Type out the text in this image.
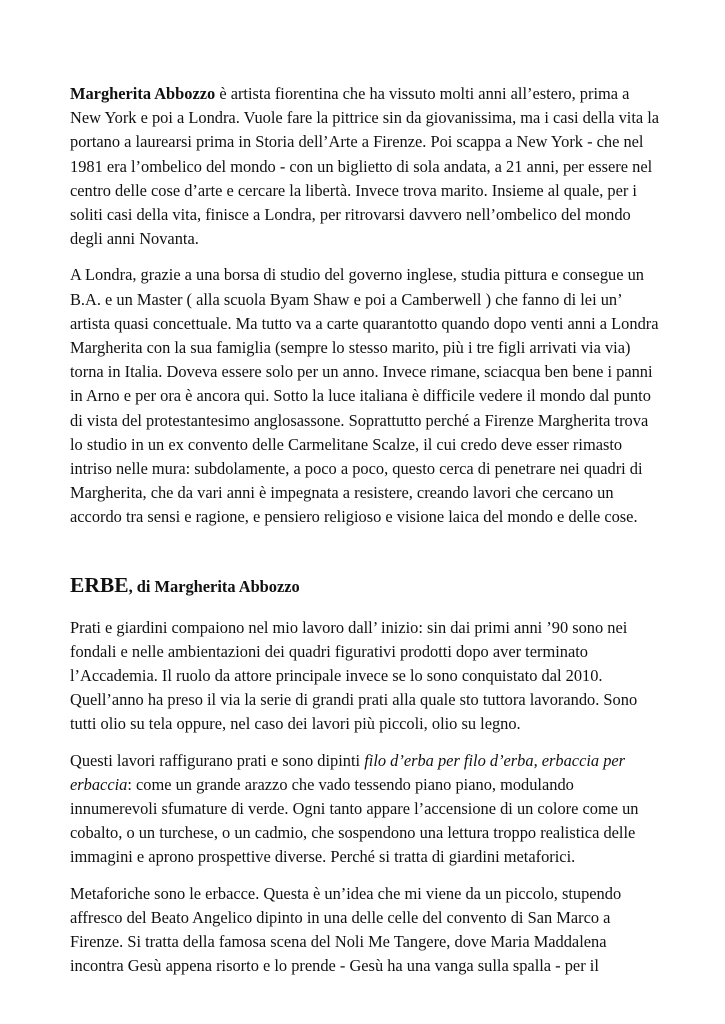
Margherita Abbozzo è artista fiorentina che ha vissuto molti anni all’estero, prima a New York e poi a Londra. Vuole fare la pittrice sin da giovanissima, ma i casi della vita la portano a laurearsi prima in Storia dell’Arte a Firenze. Poi scappa a New York - che nel 1981 era l’ombelico del mondo - con un biglietto di sola andata, a 21 anni, per essere nel centro delle cose d’arte e cercare la libertà. Invece trova marito. Insieme al quale, per i soliti casi della vita, finisce a Londra, per ritrovarsi davvero nell’ombelico del mondo degli anni Novanta.

A Londra, grazie a una borsa di studio del governo inglese, studia pittura e consegue un B.A. e un Master ( alla scuola Byam Shaw e poi a Camberwell ) che fanno di lei un’ artista quasi concettuale. Ma tutto va a carte quarantotto quando dopo venti anni a Londra Margherita con la sua famiglia (sempre lo stesso marito, più i tre figli arrivati via via) torna in Italia. Doveva essere solo per un anno. Invece rimane, sciacqua ben bene i panni in Arno e per ora è ancora qui. Sotto la luce italiana è difficile vedere il mondo dal punto di vista del protestantesimo anglosassone. Soprattutto perché a Firenze Margherita trova lo studio in un ex convento delle Carmelitane Scalze, il cui credo deve esser rimasto intriso nelle mura: subdolamente, a poco a poco, questo cerca di penetrare nei quadri di Margherita, che da vari anni è impegnata a resistere, creando lavori che cercano un accordo tra sensi e ragione, e pensiero religioso e visione laica del mondo e delle cose.

ERBE, di Margherita Abbozzo

Prati e giardini compaiono nel mio lavoro dall’ inizio: sin dai primi anni ’90 sono nei fondali e nelle ambientazioni dei quadri figurativi prodotti dopo aver terminato l’Accademia. Il ruolo da attore principale invece se lo sono conquistato dal 2010. Quell’anno ha preso il via la serie di grandi prati alla quale sto tuttora lavorando. Sono tutti olio su tela oppure, nel caso dei lavori più piccoli, olio su legno.

Questi lavori raffigurano prati e sono dipinti filo d’erba per filo d’erba, erbaccia per erbaccia: come un grande arazzo che vado tessendo piano piano, modulando innumerevoli sfumature di verde. Ogni tanto appare l’accensione di un colore come un cobalto, o un turchese, o un cadmio, che sospendono una lettura troppo realistica delle immagini e aprono prospettive diverse. Perché si tratta di giardini metaforici.

Metaforiche sono le erbacce. Questa è un’idea che mi viene da un piccolo, stupendo affresco del Beato Angelico dipinto in una delle celle del convento di San Marco a Firenze. Si tratta della famosa scena del Noli Me Tangere, dove Maria Maddalena incontra Gesù appena risorto e lo prende - Gesù ha una vanga sulla spalla - per il
